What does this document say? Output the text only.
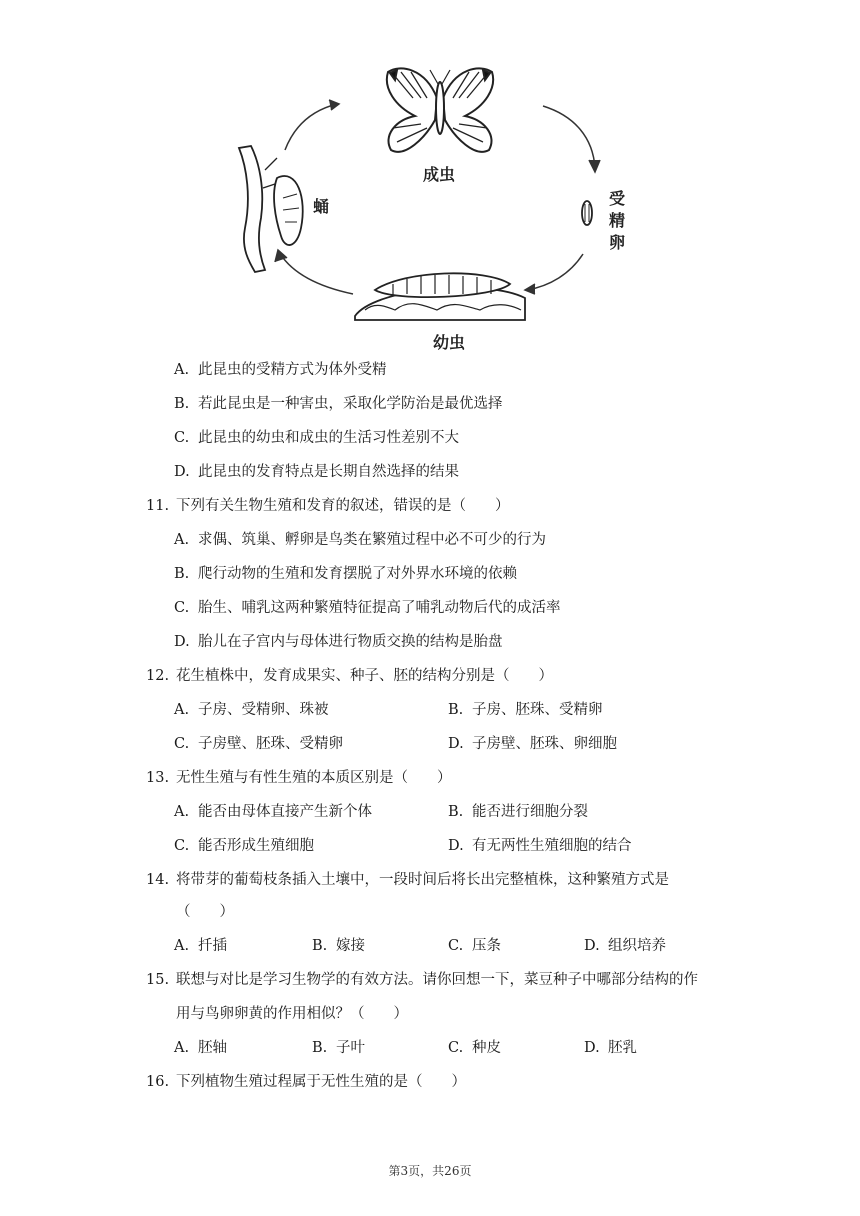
成虫
受精卵
幼虫
蛹
A. 此昆虫的受精方式为体外受精
B. 若此昆虫是一种害虫，采取化学防治是最优选择
C. 此昆虫的幼虫和成虫的生活习性差别不大
D. 此昆虫的发育特点是长期自然选择的结果
11. 下列有关生物生殖和发育的叙述，错误的是（　　）
A. 求偶、筑巢、孵卵是鸟类在繁殖过程中必不可少的行为
B. 爬行动物的生殖和发育摆脱了对外界水环境的依赖
C. 胎生、哺乳这两种繁殖特征提高了哺乳动物后代的成活率
D. 胎儿在子宫内与母体进行物质交换的结构是胎盘
12. 花生植株中，发育成果实、种子、胚的结构分别是（　　）
A. 子房、受精卵、珠被	B. 子房、胚珠、受精卵
C. 子房壁、胚珠、受精卵	D. 子房壁、胚珠、卵细胞
13. 无性生殖与有性生殖的本质区别是（　　）
A. 能否由母体直接产生新个体	B. 能否进行细胞分裂
C. 能否形成生殖细胞	D. 有无两性生殖细胞的结合
14. 将带芽的葡萄枝条插入土壤中，一段时间后将长出完整植株，这种繁殖方式是
（　　）
A. 扦插	B. 嫁接	C. 压条	D. 组织培养
15. 联想与对比是学习生物学的有效方法。请你回想一下，菜豆种子中哪部分结构的作
用与鸟卵卵黄的作用相似？（　　）
A. 胚轴	B. 子叶	C. 种皮	D. 胚乳
16. 下列植物生殖过程属于无性生殖的是（　　）
第3页，共26页
